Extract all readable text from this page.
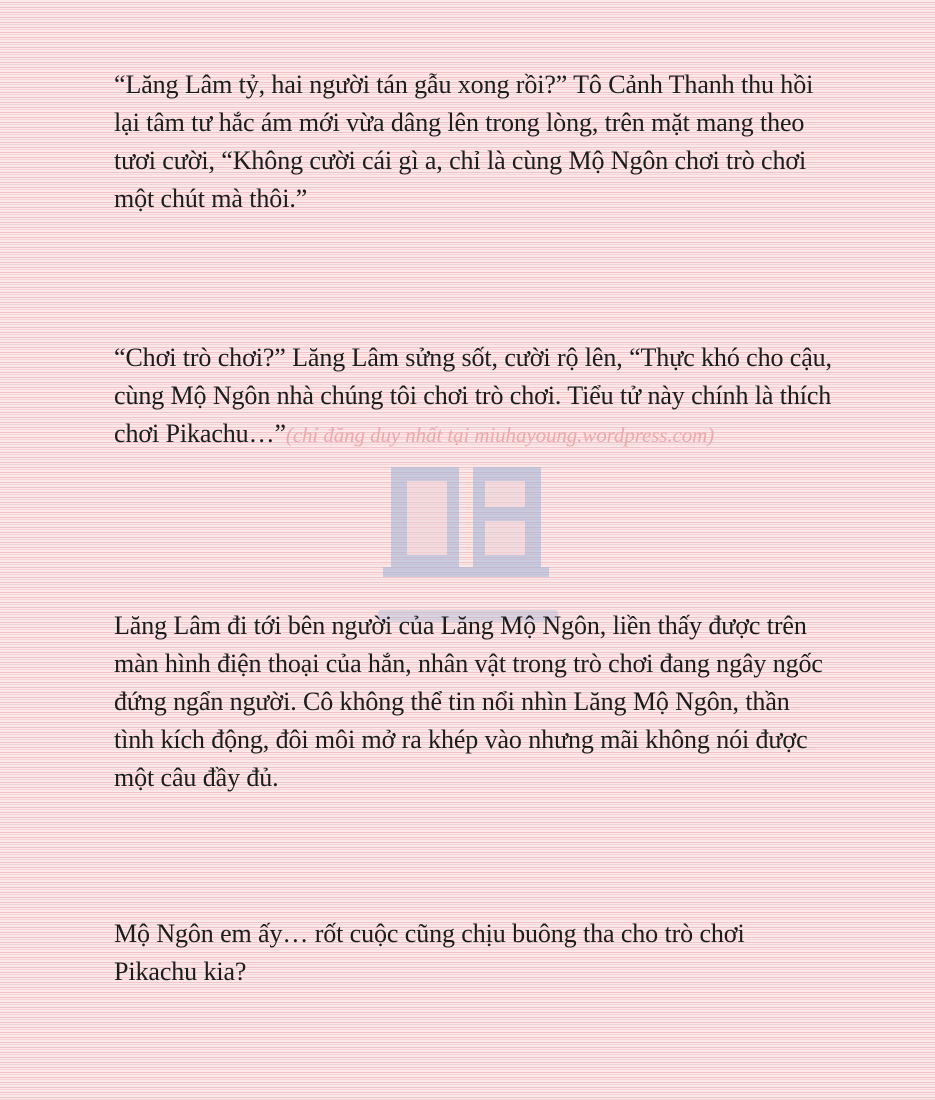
“Lăng Lâm tỷ, hai người tán gẫu xong rồi?” Tô Cảnh Thanh thu hồi lại tâm tư hắc ám mới vừa dâng lên trong lòng, trên mặt mang theo tươi cười, “Không cười cái gì a, chỉ là cùng Mộ Ngôn chơi trò chơi một chút mà thôi.”

“Chơi trò chơi?” Lăng Lâm sửng sốt, cười rộ lên, “Thực khó cho cậu, cùng Mộ Ngôn nhà chúng tôi chơi trò chơi. Tiểu tử này chính là thích chơi Pikachu…”(chỉ đăng duy nhất tại miuhayoung.wordpress.com)

Lăng Lâm đi tới bên người của Lăng Mộ Ngôn, liền thấy được trên màn hình điện thoại của hắn, nhân vật trong trò chơi đang ngây ngốc đứng ngẩn người. Cô không thể tin nổi nhìn Lăng Mộ Ngôn, thần tình kích động, đôi môi mở ra khép vào nhưng mãi không nói được một câu đầy đủ.

Mộ Ngôn em ấy… rốt cuộc cũng chịu buông tha cho trò chơi Pikachu kia?
